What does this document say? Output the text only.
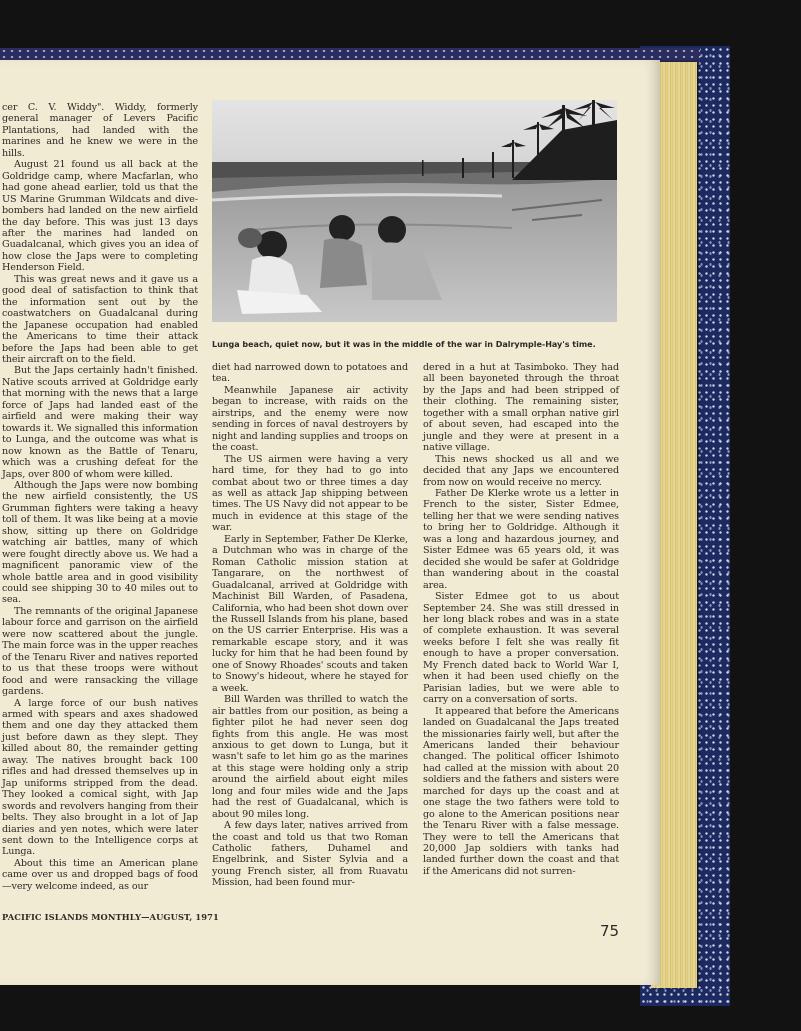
cer C. V. Widdy". Widdy, formerly general manager of Levers Pacific Plantations, had landed with the marines and he knew we were in the hills.

August 21 found us all back at the Goldridge camp, where Macfarlan, who had gone ahead earlier, told us that the US Marine Grumman Wildcats and dive-bombers had landed on the new airfield the day before. This was just 13 days after the marines had landed on Guadalcanal, which gives you an idea of how close the Japs were to completing Henderson Field.

This was great news and it gave us a good deal of satisfaction to think that the information sent out by the coastwatchers on Guadalcanal during the Japanese occupation had enabled the Americans to time their attack before the Japs had been able to get their aircraft on to the field.

But the Japs certainly hadn't finished. Native scouts arrived at Goldridge early that morning with the news that a large force of Japs had landed east of the airfield and were making their way towards it. We signalled this information to Lunga, and the outcome was what is now known as the Battle of Tenaru, which was a crushing defeat for the Japs, over 800 of whom were killed.

Although the Japs were now bombing the new airfield consistently, the US Grumman fighters were taking a heavy toll of them. It was like being at a movie show, sitting up there on Goldridge watching air battles, many of which were fought directly above us. We had a magnificent panoramic view of the whole battle area and in good visibility could see shipping 30 to 40 miles out to sea.

The remnants of the original Japanese labour force and garrison on the airfield were now scattered about the jungle. The main force was in the upper reaches of the Tenaru River and natives reported to us that these troops were without food and were ransacking the village gardens.

A large force of our bush natives armed with spears and axes shadowed them and one day they attacked them just before dawn as they slept. They killed about 80, the remainder getting away. The natives brought back 100 rifles and had dressed themselves up in Jap uniforms stripped from the dead. They looked a comical sight, with Jap swords and revolvers hanging from their belts. They also brought in a lot of Jap diaries and yen notes, which were later sent down to the Intelligence corps at Lunga.

About this time an American plane came over us and dropped bags of food—very welcome indeed, as our

Lunga beach, quiet now, but it was in the middle of the war in Dalrymple-Hay's time.

diet had narrowed down to potatoes and tea.

Meanwhile Japanese air activity began to increase, with raids on the airstrips, and the enemy were now sending in forces of naval destroyers by night and landing supplies and troops on the coast.

The US airmen were having a very hard time, for they had to go into combat about two or three times a day as well as attack Jap shipping between times. The US Navy did not appear to be much in evidence at this stage of the war.

Early in September, Father De Klerke, a Dutchman who was in charge of the Roman Catholic mission station at Tangarare, on the northwest of Guadalcanal, arrived at Goldridge with Machinist Bill Warden, of Pasadena, California, who had been shot down over the Russell Islands from his plane, based on the US carrier Enterprise. His was a remarkable escape story, and it was lucky for him that he had been found by one of Snowy Rhoades' scouts and taken to Snowy's hideout, where he stayed for a week.

Bill Warden was thrilled to watch the air battles from our position, as being a fighter pilot he had never seen dog fights from this angle. He was most anxious to get down to Lunga, but it wasn't safe to let him go as the marines at this stage were holding only a strip around the airfield about eight miles long and four miles wide and the Japs had the rest of Guadalcanal, which is about 90 miles long.

A few days later, natives arrived from the coast and told us that two Roman Catholic fathers, Duhamel and Engelbrink, and Sister Sylvia and a young French sister, all from Ruavatu Mission, had been found mur-

dered in a hut at Tasimboko. They had all been bayoneted through the throat by the Japs and had been stripped of their clothing. The remaining sister, together with a small orphan native girl of about seven, had escaped into the jungle and they were at present in a native village.

This news shocked us all and we decided that any Japs we encountered from now on would receive no mercy.

Father De Klerke wrote us a letter in French to the sister, Sister Edmee, telling her that we were sending natives to bring her to Goldridge. Although it was a long and hazardous journey, and Sister Edmee was 65 years old, it was decided she would be safer at Goldridge than wandering about in the coastal area.

Sister Edmee got to us about September 24. She was still dressed in her long black robes and was in a state of complete exhaustion. It was several weeks before I felt she was really fit enough to have a proper conversation. My French dated back to World War I, when it had been used chiefly on the Parisian ladies, but we were able to carry on a conversation of sorts.

It appeared that before the Americans landed on Guadalcanal the Japs treated the missionaries fairly well, but after the Americans landed their behaviour changed. The political officer Ishimoto had called at the mission with about 20 soldiers and the fathers and sisters were marched for days up the coast and at one stage the two fathers were told to go alone to the American positions near the Tenaru River with a false message. They were to tell the Americans that 20,000 Jap soldiers with tanks had landed further down the coast and that if the Americans did not surren-

PACIFIC ISLANDS MONTHLY—AUGUST, 1971
75
